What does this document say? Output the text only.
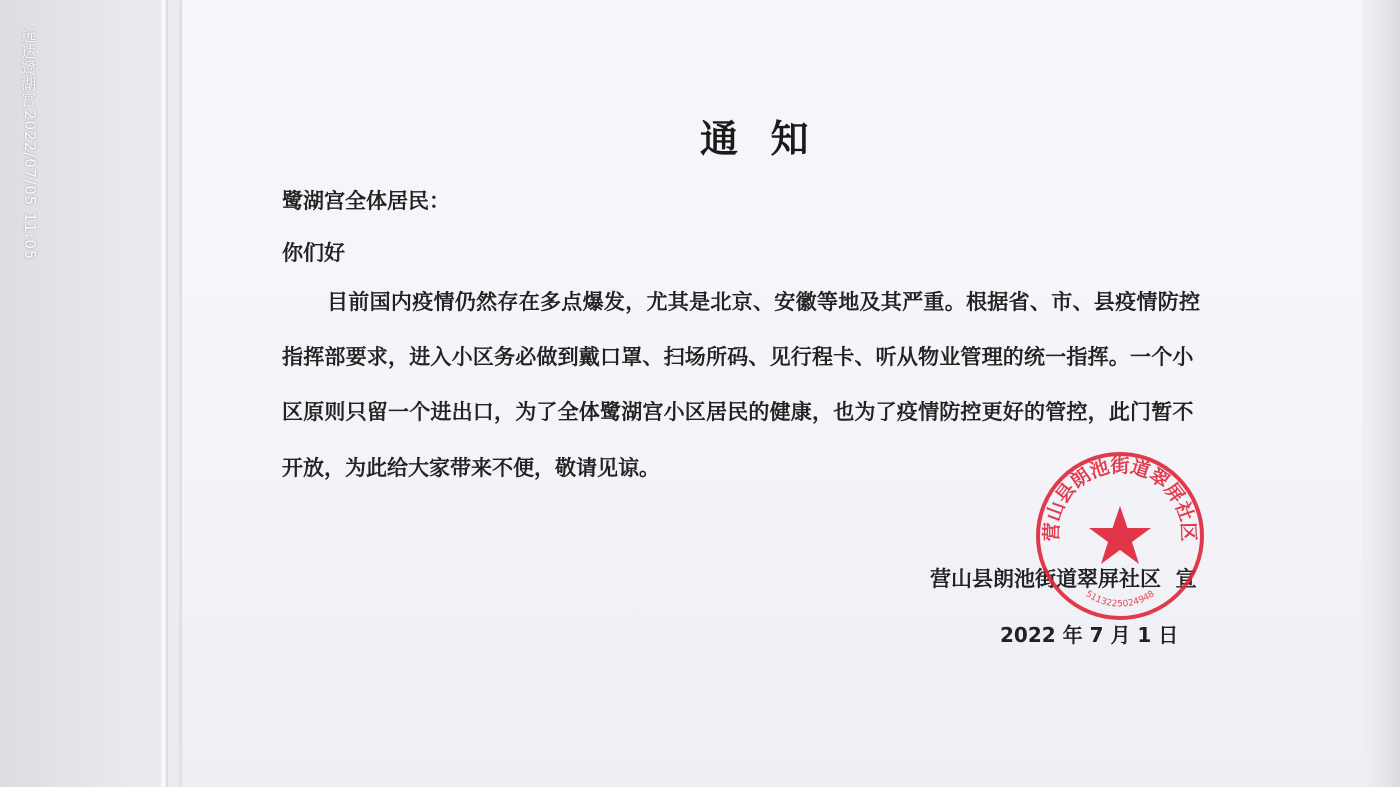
远达鹭湖宫
2022/07/05 11:05	通  知
鹭湖宫全体居民：
你们好
目前国内疫情仍然存在多点爆发，尤其是北京、安徽等地及其严重。根据省、市、县疫情防控
指挥部要求，进入小区务必做到戴口罩、扫场所码、见行程卡、听从物业管理的统一指挥。一个小
区原则只留一个进出口，为了全体鹭湖宫小区居民的健康，也为了疫情防控更好的管控，此门暂不
开放，为此给大家带来不便，敬请见谅。
营山县朗池街道翠屏社区  宣
2022 年 7 月 1 日
营山县朗池街道翠屏社区
5113225024948
